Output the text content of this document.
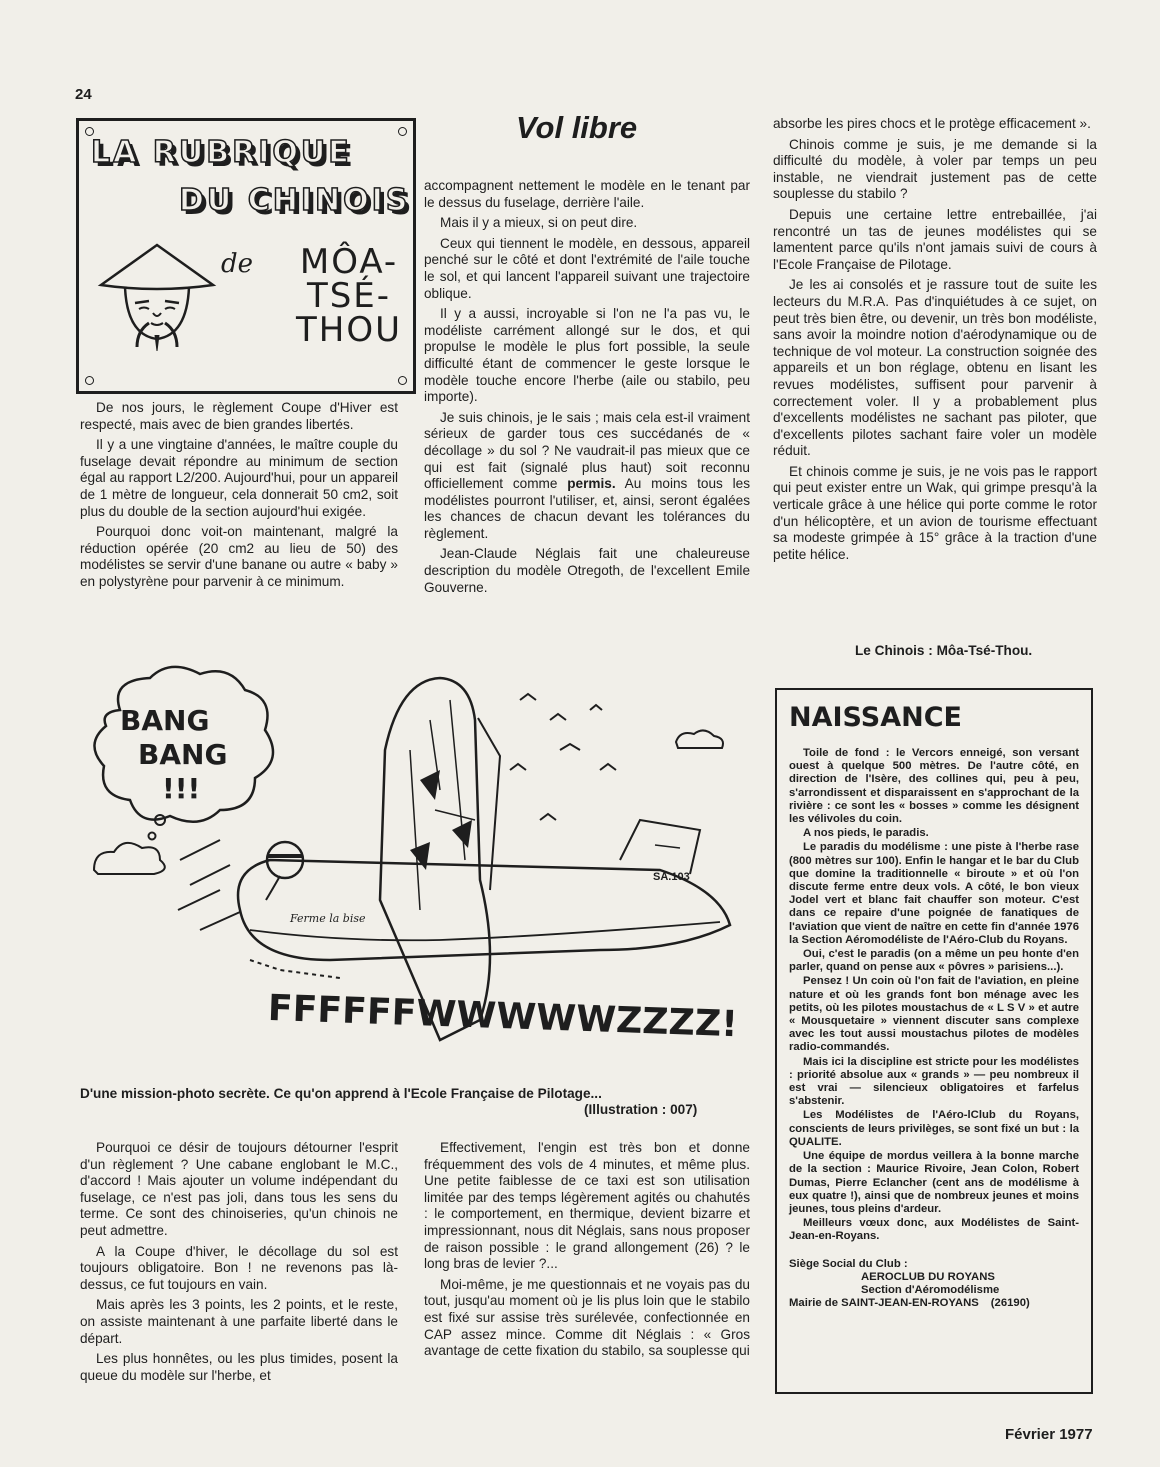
24
LA RUBRIQUE
DU CHINOIS
de MÔA-
TSÉ-
THOU
Vol libre

De nos jours, le règlement Coupe d'Hiver est respecté, mais avec de bien grandes libertés.

Il y a une vingtaine d'années, le maître couple du fuselage devait répondre au minimum de section égal au rapport L2/200. Aujourd'hui, pour un appareil de 1 mètre de longueur, cela donnerait 50 cm2, soit plus du double de la section aujourd'hui exigée.

Pourquoi donc voit-on maintenant, malgré la réduction opérée (20 cm2 au lieu de 50) des modélistes se servir d'une banane ou autre « baby » en polystyrène pour parvenir à ce minimum.

accompagnent nettement le modèle en le tenant par le dessus du fuselage, derrière l'aile.

Mais il y a mieux, si on peut dire.

Ceux qui tiennent le modèle, en dessous, appareil penché sur le côté et dont l'extrémité de l'aile touche le sol, et qui lancent l'appareil suivant une trajectoire oblique.

Il y a aussi, incroyable si l'on ne l'a pas vu, le modéliste carrément allongé sur le dos, et qui propulse le modèle le plus fort possible, la seule difficulté étant de commencer le geste lorsque le modèle touche encore l'herbe (aile ou stabilo, peu importe).

Je suis chinois, je le sais ; mais cela est-il vraiment sérieux de garder tous ces succédanés de « décollage » du sol ? Ne vaudrait-il pas mieux que ce qui est fait (signalé plus haut) soit reconnu officiellement comme permis. Au moins tous les modélistes pourront l'utiliser, et, ainsi, seront égalées les chances de chacun devant les tolérances du règlement.

Jean-Claude Néglais fait une chaleureuse description du modèle Otregoth, de l'excellent Emile Gouverne.

absorbe les pires chocs et le protège efficacement ».

Chinois comme je suis, je me demande si la difficulté du modèle, à voler par temps un peu instable, ne viendrait justement pas de cette souplesse du stabilo ?

Depuis une certaine lettre entrebaillée, j'ai rencontré un tas de jeunes modélistes qui se lamentent parce qu'ils n'ont jamais suivi de cours à l'Ecole Française de Pilotage.

Je les ai consolés et je rassure tout de suite les lecteurs du M.R.A. Pas d'inquiétudes à ce sujet, on peut très bien être, ou devenir, un très bon modéliste, sans avoir la moindre notion d'aérodynamique ou de technique de vol moteur. La construction soignée des appareils et un bon réglage, obtenu en lisant les revues modélistes, suffisent pour parvenir à correctement voler. Il y a probablement plus d'excellents modélistes ne sachant pas piloter, que d'excellents pilotes sachant faire voler un modèle réduit.

Et chinois comme je suis, je ne vois pas le rapport qui peut exister entre un Wak, qui grimpe presqu'à la verticale grâce à une hélice qui porte comme le rotor d'un hélicoptère, et un avion de tourisme effectuant sa modeste grimpée à 15° grâce à la traction d'une petite hélice.

Le Chinois : Môa-Tsé-Thou.
BANG
BANG
!!!
SA.103
Ferme la bise
FFFFFFWWWWWZZZZ!
D'une mission-photo secrète. Ce qu'on apprend à l'Ecole Française de Pilotage...
(Illustration : 007)

Pourquoi ce désir de toujours détourner l'esprit d'un règlement ? Une cabane englobant le M.C., d'accord ! Mais ajouter un volume indépendant du fuselage, ce n'est pas joli, dans tous les sens du terme. Ce sont des chinoiseries, qu'un chinois ne peut admettre.

A la Coupe d'hiver, le décollage du sol est toujours obligatoire. Bon ! ne revenons pas là-dessus, ce fut toujours en vain.

Mais après les 3 points, les 2 points, et le reste, on assiste maintenant à une parfaite liberté dans le départ.

Les plus honnêtes, ou les plus timides, posent la queue du modèle sur l'herbe, et

Effectivement, l'engin est très bon et donne fréquemment des vols de 4 minutes, et même plus. Une petite faiblesse de ce taxi est son utilisation limitée par des temps légèrement agités ou chahutés : le comportement, en thermique, devient bizarre et impressionnant, nous dit Néglais, sans nous proposer de raison possible : le grand allongement (26) ? le long bras de levier ?...

Moi-même, je me questionnais et ne voyais pas du tout, jusqu'au moment où je lis plus loin que le stabilo est fixé sur assise très surélevée, confectionnée en CAP assez mince. Comme dit Néglais : « Gros avantage de cette fixation du stabilo, sa souplesse qui

NAISSANCE

Toile de fond : le Vercors enneigé, son versant ouest à quelque 500 mètres. De l'autre côté, en direction de l'Isère, des collines qui, peu à peu, s'arrondissent et disparaissent en s'approchant de la rivière : ce sont les « bosses » comme les désignent les vélivoles du coin.

A nos pieds, le paradis.

Le paradis du modélisme : une piste à l'herbe rase (800 mètres sur 100). Enfin le hangar et le bar du Club que domine la traditionnelle « biroute » et où l'on discute ferme entre deux vols. A côté, le bon vieux Jodel vert et blanc fait chauffer son moteur. C'est dans ce repaire d'une poignée de fanatiques de l'aviation que vient de naître en cette fin d'année 1976 la Section Aéromodéliste de l'Aéro-Club du Royans.

Oui, c'est le paradis (on a même un peu honte d'en parler, quand on pense aux « pôvres » parisiens...).

Pensez ! Un coin où l'on fait de l'aviation, en pleine nature et où les grands font bon ménage avec les petits, où les pilotes moustachus de « L S V » et autre « Mousquetaire » viennent discuter sans complexe avec les tout aussi moustachus pilotes de modèles radio-commandés.

Mais ici la discipline est stricte pour les modélistes : priorité absolue aux « grands » — peu nombreux il est vrai — silencieux obligatoires et farfelus s'abstenir.

Les Modélistes de l'Aéro-lClub du Royans, conscients de leurs privilèges, se sont fixé un but : la QUALITE.

Une équipe de mordus veillera à la bonne marche de la section : Maurice Rivoire, Jean Colon, Robert Dumas, Pierre Eclancher (cent ans de modélisme à eux quatre !), ainsi que de nombreux jeunes et moins jeunes, tous pleins d'ardeur.

Meilleurs vœux donc, aux Modélistes de Saint-Jean-en-Royans.

Siège Social du Club :
AEROCLUB DU ROYANS
Section d'Aéromodélisme
Mairie de SAINT-JEAN-EN-ROYANS (26190)
Février 1977
